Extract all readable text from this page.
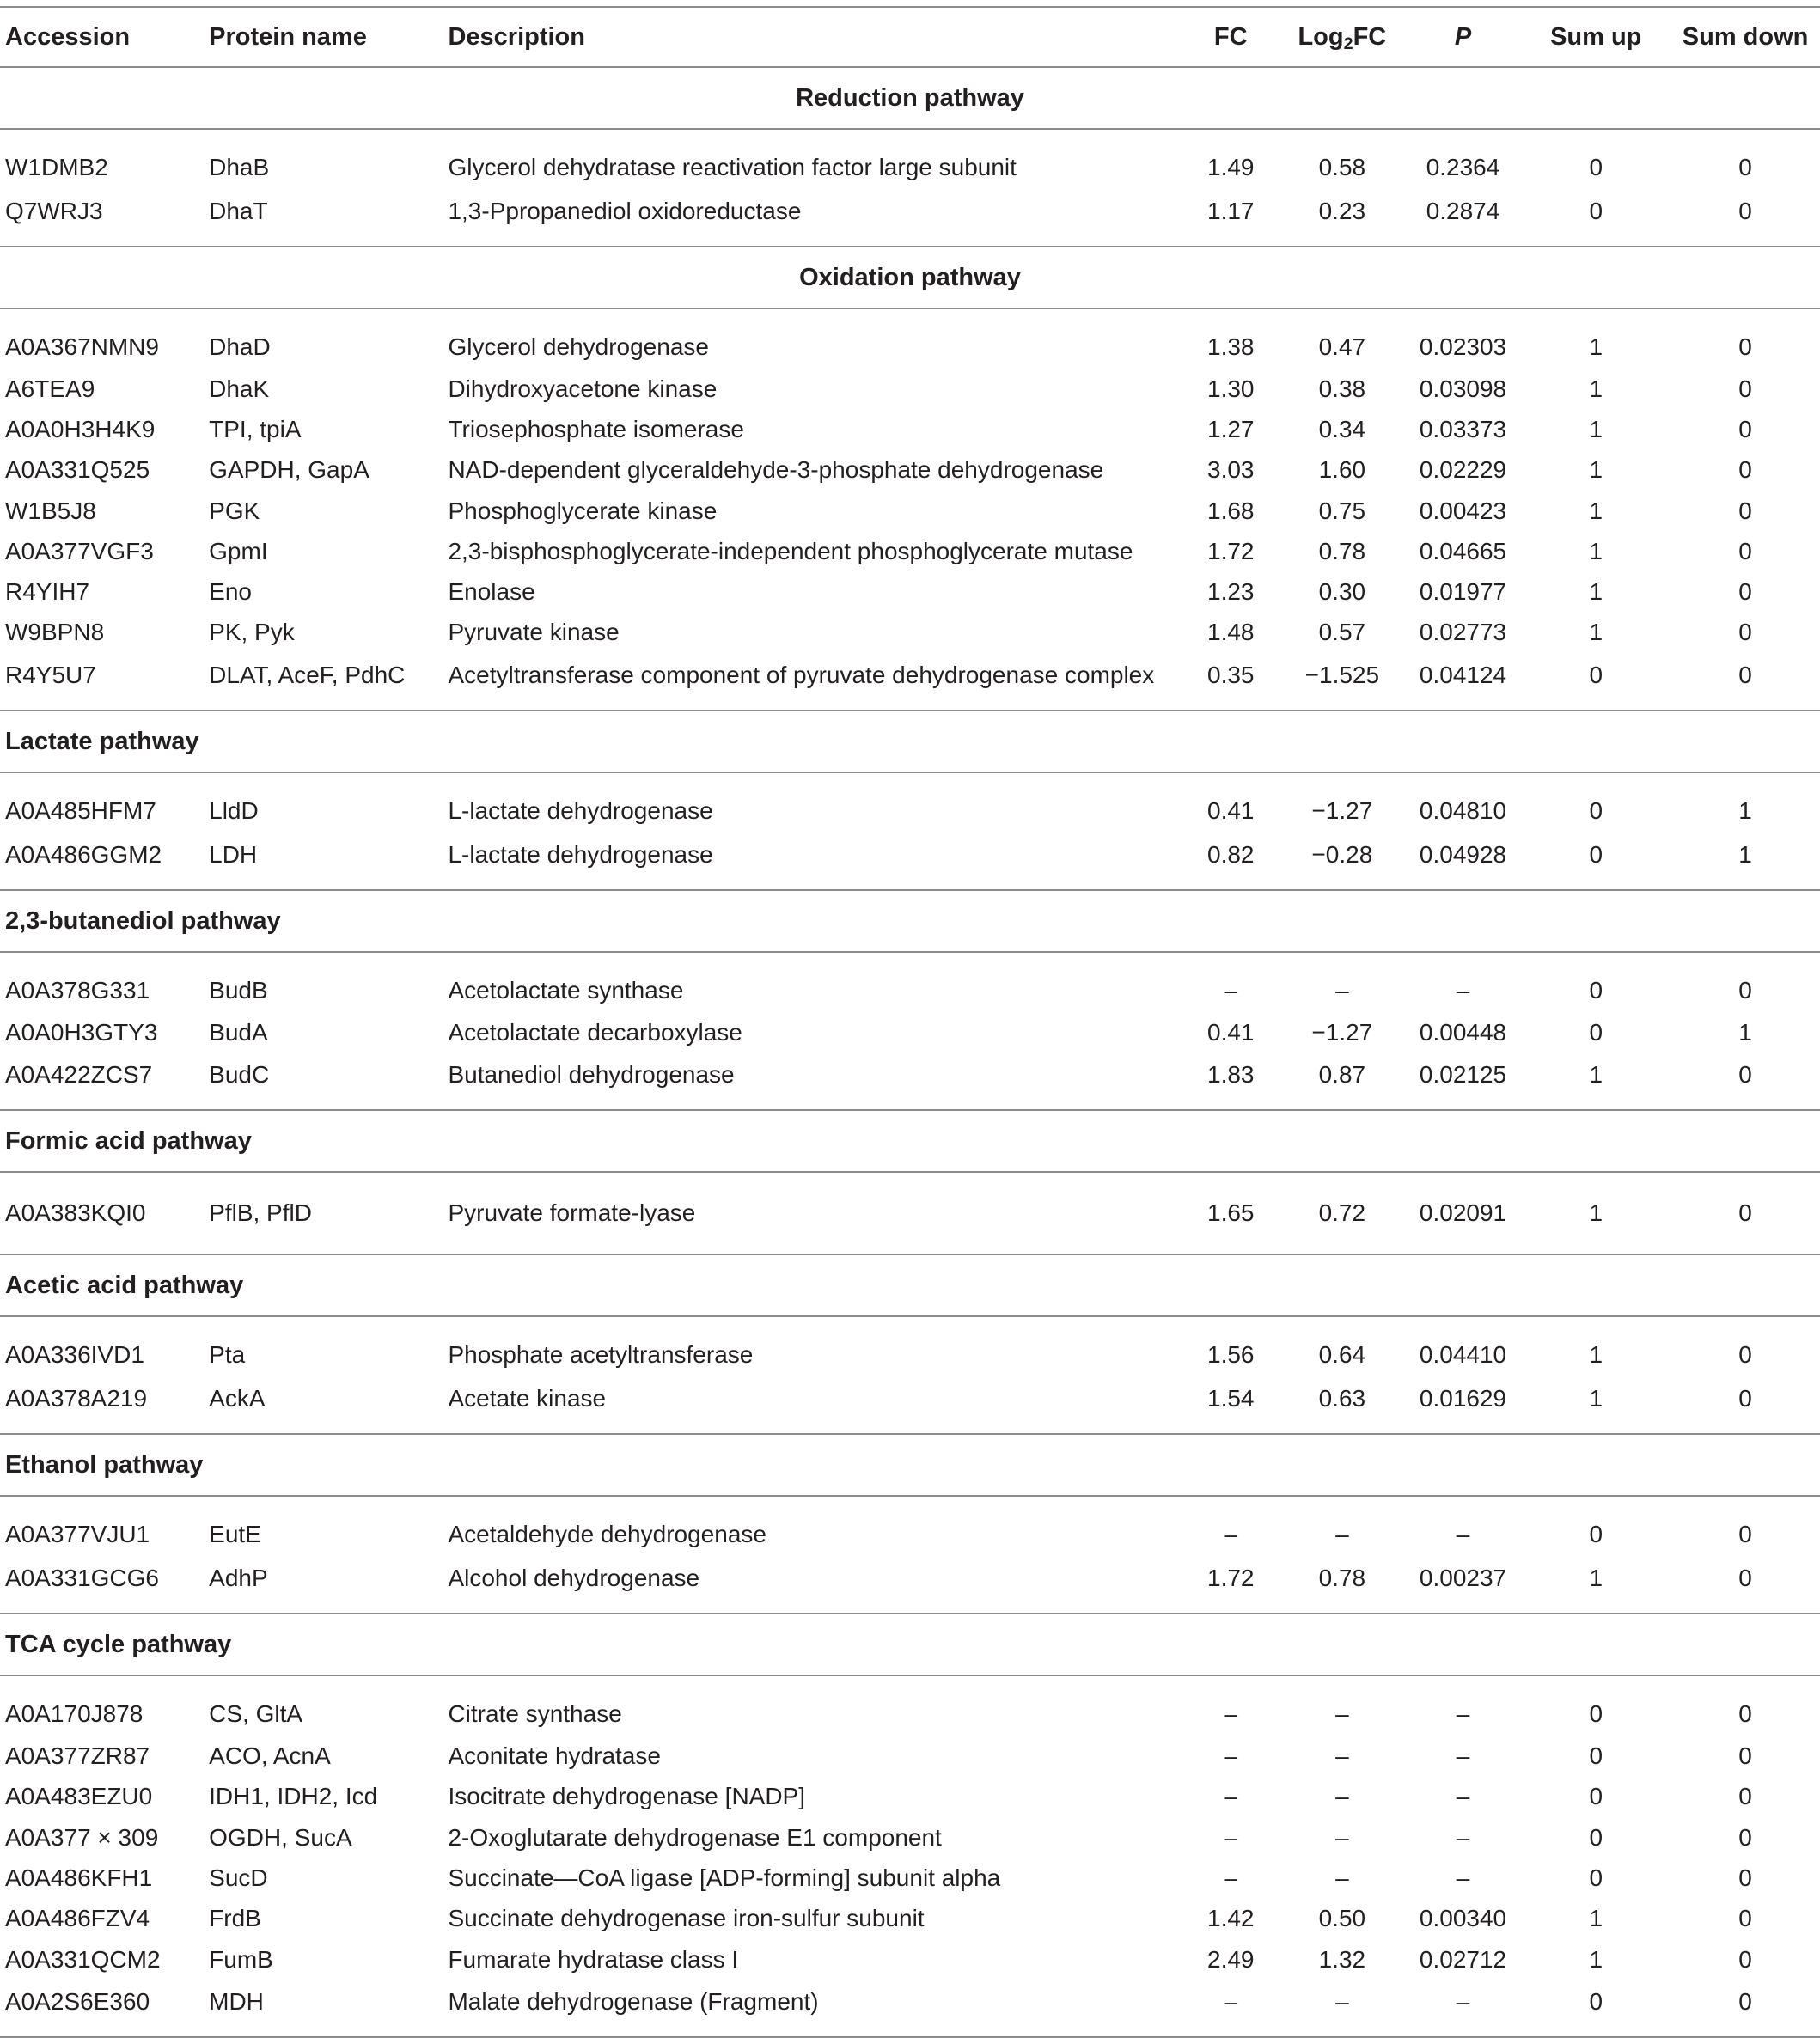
Accession	Protein name	Description	FC	Log$_2$FC	P	Sum up	Sum down
Reduction pathway							
W1DMB2	DhaB	Glycerol dehydratase reactivation factor large subunit	1.49	0.58	0.2364	0	0
Q7WRJ3	DhaT	1,3-Ppropanediol oxidoreductase	1.17	0.23	0.2874	0	0
Oxidation pathway							
A0A367NMN9	DhaD	Glycerol dehydrogenase	1.38	0.47	0.02303	1	0
A6TEA9	DhaK	Dihydroxyacetone kinase	1.30	0.38	0.03098	1	0
A0A0H3H4K9	TPI, tpiA	Triosephosphate isomerase	1.27	0.34	0.03373	1	0
A0A331Q525	GAPDH, GapA	NAD-dependent glyceraldehyde-3-phosphate dehydrogenase	3.03	1.60	0.02229	1	0
W1B5J8	PGK	Phosphoglycerate kinase	1.68	0.75	0.00423	1	0
A0A377VGF3	GpmI	2,3-bisphosphoglycerate-independent phosphoglycerate mutase	1.72	0.78	0.04665	1	0
R4YIH7	Eno	Enolase	1.23	0.30	0.01977	1	0
W9BPN8	PK, Pyk	Pyruvate kinase	1.48	0.57	0.02773	1	0
R4Y5U7	DLAT, AceF, PdhC	Acetyltransferase component of pyruvate dehydrogenase complex	0.35	−1.525	0.04124	0	0
Lactate pathway							
A0A485HFM7	LldD	L-lactate dehydrogenase	0.41	−1.27	0.04810	0	1
A0A486GGM2	LDH	L-lactate dehydrogenase	0.82	−0.28	0.04928	0	1
2,3-butanediol pathway							
A0A378G331	BudB	Acetolactate synthase	–	–	–	0	0
A0A0H3GTY3	BudA	Acetolactate decarboxylase	0.41	−1.27	0.00448	0	1
A0A422ZCS7	BudC	Butanediol dehydrogenase	1.83	0.87	0.02125	1	0
Formic acid pathway							
A0A383KQI0	PflB, PflD	Pyruvate formate-lyase	1.65	0.72	0.02091	1	0
Acetic acid pathway							
A0A336IVD1	Pta	Phosphate acetyltransferase	1.56	0.64	0.04410	1	0
A0A378A219	AckA	Acetate kinase	1.54	0.63	0.01629	1	0
Ethanol pathway							
A0A377VJU1	EutE	Acetaldehyde dehydrogenase	–	–	–	0	0
A0A331GCG6	AdhP	Alcohol dehydrogenase	1.72	0.78	0.00237	1	0
TCA cycle pathway							
A0A170J878	CS, GltA	Citrate synthase	–	–	–	0	0
A0A377ZR87	ACO, AcnA	Aconitate hydratase	–	–	–	0	0
A0A483EZU0	IDH1, IDH2, Icd	Isocitrate dehydrogenase [NADP]	–	–	–	0	0
A0A377 × 309	OGDH, SucA	2-Oxoglutarate dehydrogenase E1 component	–	–	–	0	0
A0A486KFH1	SucD	Succinate—CoA ligase [ADP-forming] subunit alpha	–	–	–	0	0
A0A486FZV4	FrdB	Succinate dehydrogenase iron-sulfur subunit	1.42	0.50	0.00340	1	0
A0A331QCM2	FumB	Fumarate hydratase class I	2.49	1.32	0.02712	1	0
A0A2S6E360	MDH	Malate dehydrogenase (Fragment)	–	–	–	0	0
